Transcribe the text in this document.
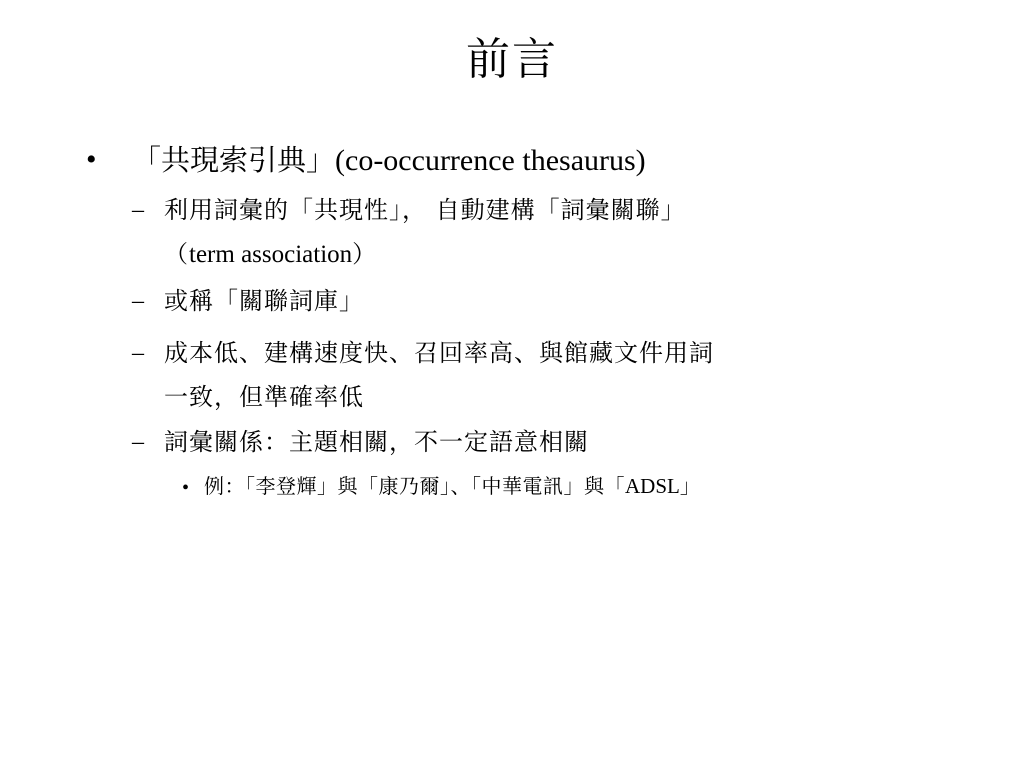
前言
• 「共現索引典」(co-occurrence thesaurus)
– 利用詞彙的「共現性」， 自動建構「詞彙關聯」
（term association）
– 或稱「關聯詞庫」
– 成本低、建構速度快、召回率高、與館藏文件用詞
一致，但準確率低
– 詞彙關係：主題相關，不一定語意相關
• 例：「李登輝」與「康乃爾」、「中華電訊」與「ADSL」
